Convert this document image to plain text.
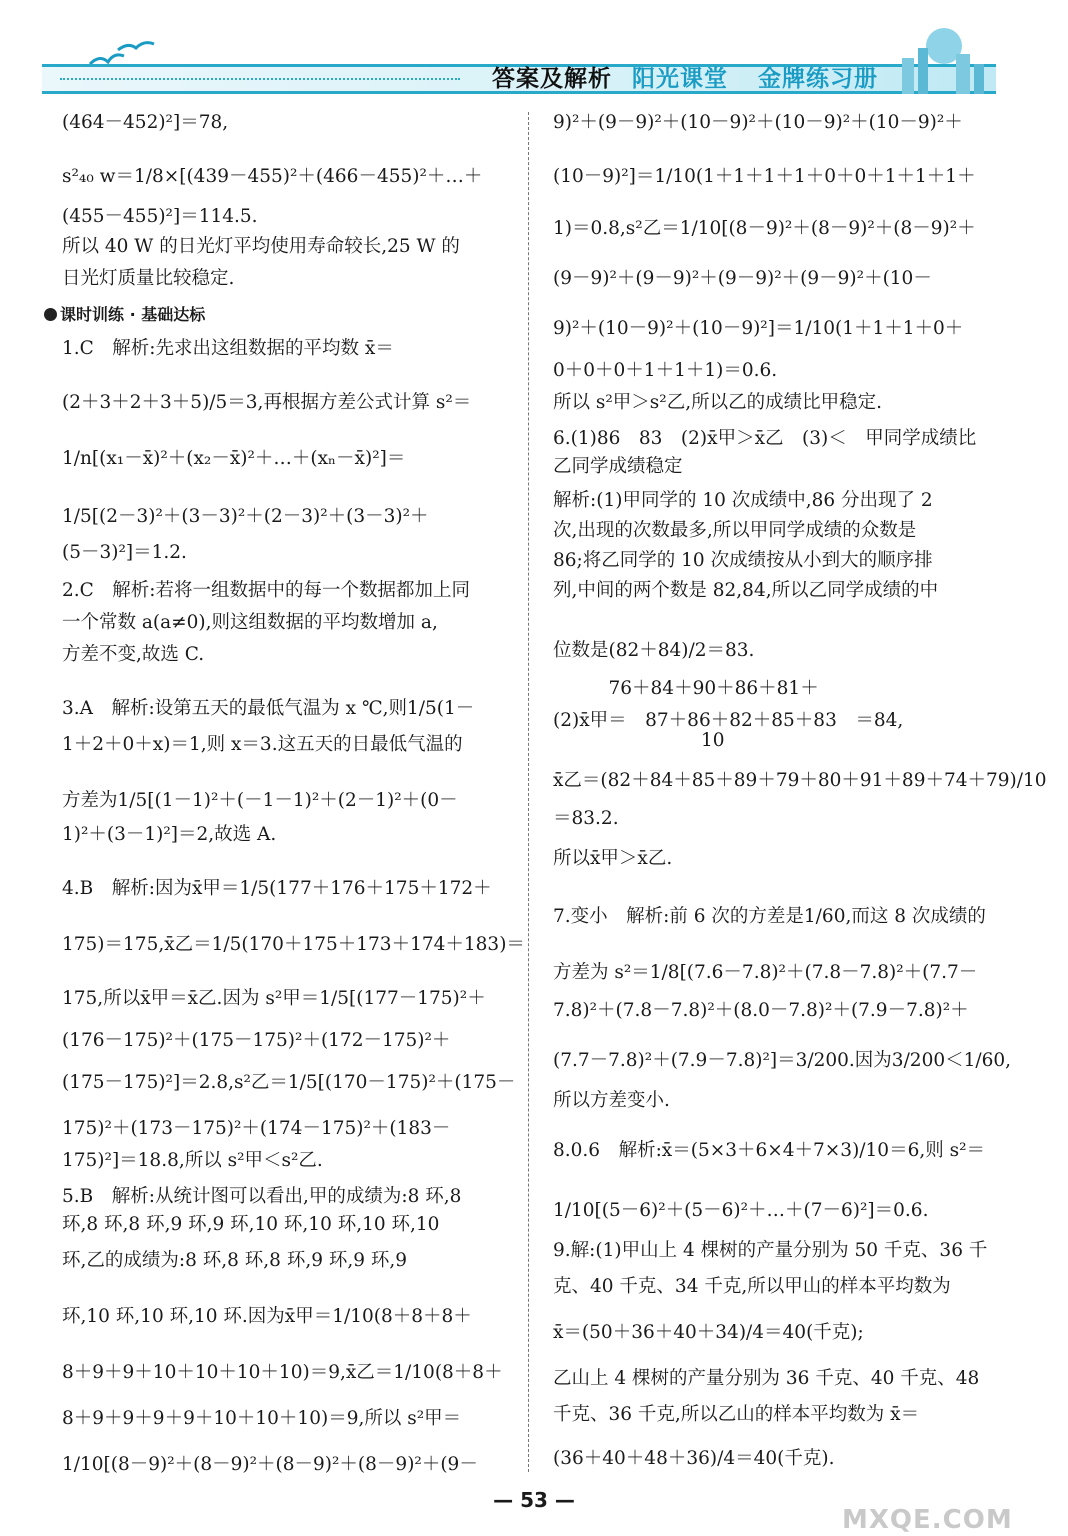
答案及解析 阳光课堂 金牌练习册
(464－452)²]＝78,
s²₄₀ w＝1/8×[(439－455)²＋(466－455)²＋…＋
(455－455)²]＝114.5.
所以 40 W 的日光灯平均使用寿命较长,25 W 的
日光灯质量比较稳定.
1.C　解析:先求出这组数据的平均数 x̄＝
(2＋3＋2＋3＋5)/5＝3,再根据方差公式计算 s²＝
1/n[(x₁－x̄)²＋(x₂－x̄)²＋…＋(xₙ－x̄)²]＝
1/5[(2－3)²＋(3－3)²＋(2－3)²＋(3－3)²＋
(5－3)²]＝1.2.
2.C　解析:若将一组数据中的每一个数据都加上同
一个常数 a(a≠0),则这组数据的平均数增加 a,
方差不变,故选 C.
3.A　解析:设第五天的最低气温为 x ℃,则1/5(1－
1＋2＋0＋x)＝1,则 x＝3.这五天的日最低气温的
方差为1/5[(1－1)²＋(－1－1)²＋(2－1)²＋(0－
1)²＋(3－1)²]＝2,故选 A.
4.B　解析:因为x̄甲＝1/5(177＋176＋175＋172＋
175)＝175,x̄乙＝1/5(170＋175＋173＋174＋183)＝
175,所以x̄甲＝x̄乙.因为 s²甲＝1/5[(177－175)²＋
(176－175)²＋(175－175)²＋(172－175)²＋
(175－175)²]＝2.8,s²乙＝1/5[(170－175)²＋(175－
175)²＋(173－175)²＋(174－175)²＋(183－
175)²]＝18.8,所以 s²甲＜s²乙.
5.B　解析:从统计图可以看出,甲的成绩为:8 环,8
环,8 环,8 环,9 环,9 环,10 环,10 环,10 环,10
环,乙的成绩为:8 环,8 环,8 环,9 环,9 环,9
环,10 环,10 环,10 环.因为x̄甲＝1/10(8＋8＋8＋
8＋9＋9＋10＋10＋10＋10)＝9,x̄乙＝1/10(8＋8＋
8＋9＋9＋9＋9＋10＋10＋10)＝9,所以 s²甲＝
1/10[(8－9)²＋(8－9)²＋(8－9)²＋(8－9)²＋(9－
课时训练 · 基础达标
9)²＋(9－9)²＋(10－9)²＋(10－9)²＋(10－9)²＋
(10－9)²]＝1/10(1＋1＋1＋1＋0＋0＋1＋1＋1＋
1)＝0.8,s²乙＝1/10[(8－9)²＋(8－9)²＋(8－9)²＋
(9－9)²＋(9－9)²＋(9－9)²＋(9－9)²＋(10－
9)²＋(10－9)²＋(10－9)²]＝1/10(1＋1＋1＋0＋
0＋0＋0＋1＋1＋1)＝0.6.
所以 s²甲＞s²乙,所以乙的成绩比甲稳定.
6.(1)86　83　(2)x̄甲＞x̄乙　(3)＜　甲同学成绩比
乙同学成绩稳定
解析:(1)甲同学的 10 次成绩中,86 分出现了 2
次,出现的次数最多,所以甲同学成绩的众数是
86;将乙同学的 10 次成绩按从小到大的顺序排
列,中间的两个数是 82,84,所以乙同学成绩的中
位数是(82＋84)/2＝83.
　　　76＋84＋90＋86＋81＋
(2)x̄甲＝　87＋86＋82＋85＋83　＝84,
　　　　　　　　10
x̄乙＝(82＋84＋85＋89＋79＋80＋91＋89＋74＋79)/10
＝83.2.
所以x̄甲＞x̄乙.
7.变小　解析:前 6 次的方差是1/60,而这 8 次成绩的
方差为 s²＝1/8[(7.6－7.8)²＋(7.8－7.8)²＋(7.7－
7.8)²＋(7.8－7.8)²＋(8.0－7.8)²＋(7.9－7.8)²＋
(7.7－7.8)²＋(7.9－7.8)²]＝3/200.因为3/200＜1/60,
所以方差变小.
8.0.6　解析:x̄＝(5×3＋6×4＋7×3)/10＝6,则 s²＝
1/10[(5－6)²＋(5－6)²＋…＋(7－6)²]＝0.6.
9.解:(1)甲山上 4 棵树的产量分别为 50 千克、36 千
克、40 千克、34 千克,所以甲山的样本平均数为
x̄＝(50＋36＋40＋34)/4＝40(千克);
乙山上 4 棵树的产量分别为 36 千克、40 千克、48
千克、36 千克,所以乙山的样本平均数为 x̄＝
(36＋40＋48＋36)/4＝40(千克).
— 53 —
MXQE.COM
